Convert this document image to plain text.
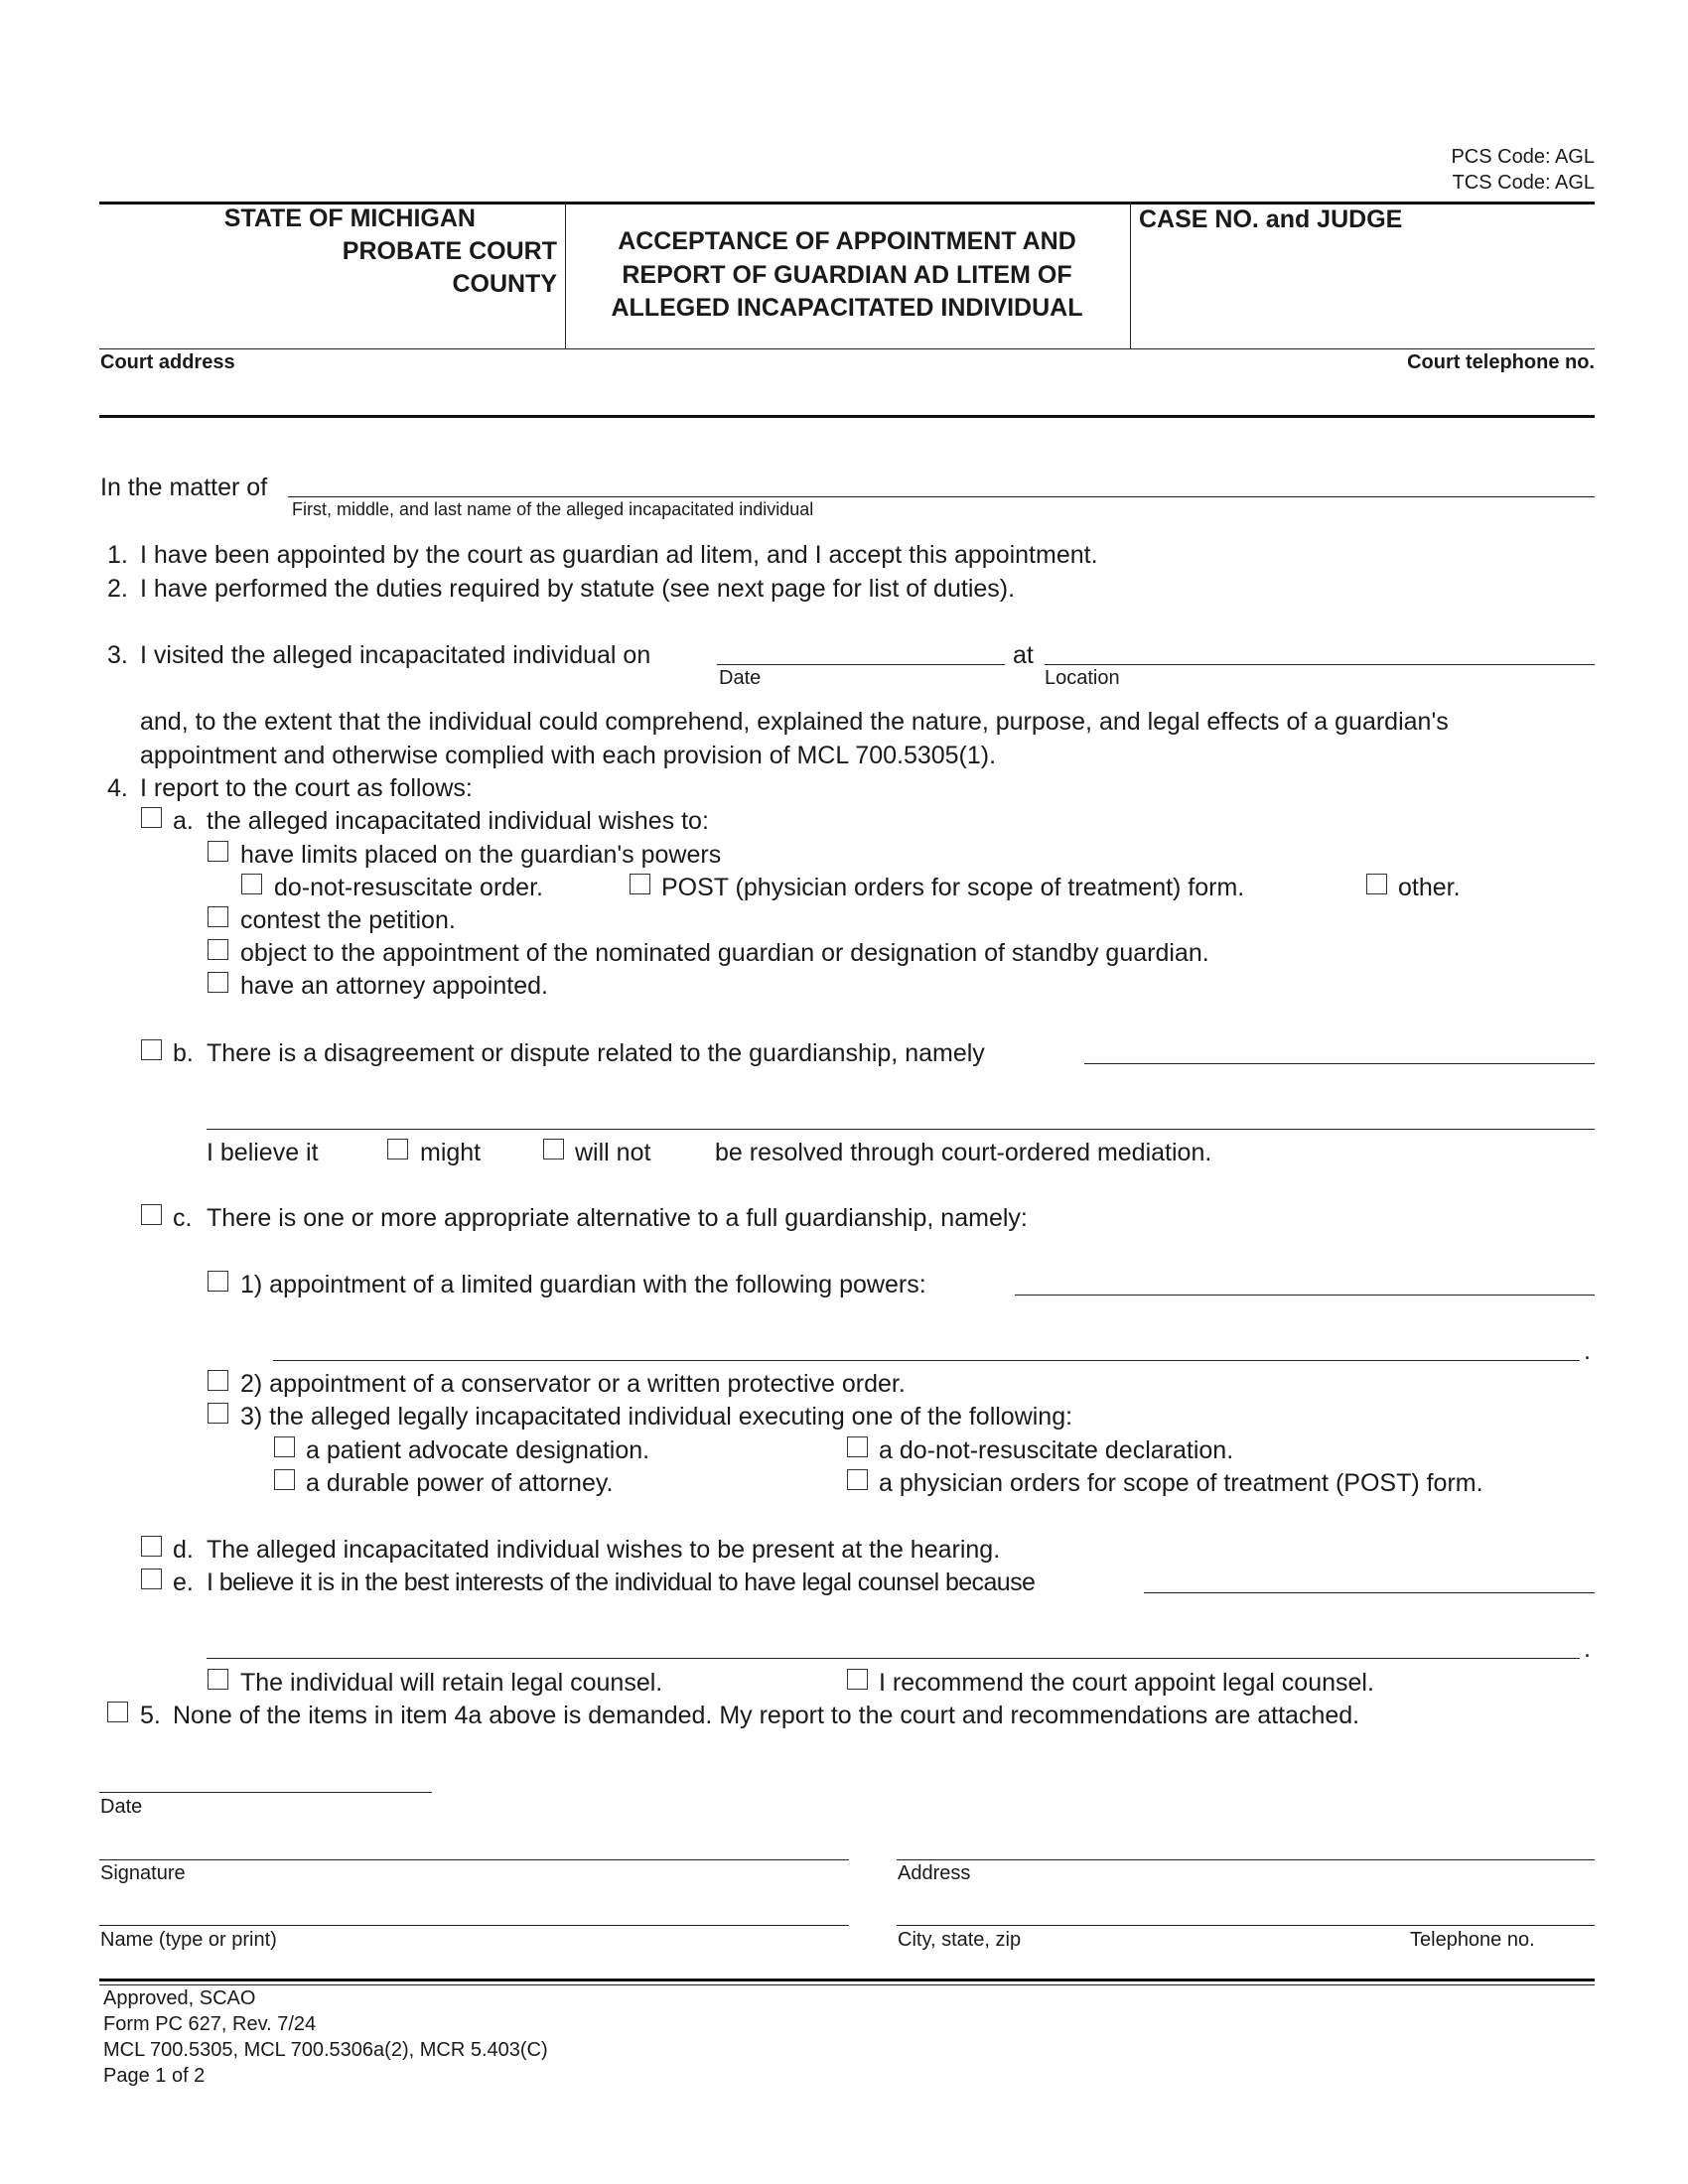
PCS Code: AGL
TCS Code: AGL
STATE OF MICHIGAN
PROBATE COURT
COUNTY
ACCEPTANCE OF APPOINTMENT AND
REPORT OF GUARDIAN AD LITEM OF
ALLEGED INCAPACITATED INDIVIDUAL
CASE NO. and JUDGE
Court address	Court telephone no.
In the matter of
First, middle, and last name of the alleged incapacitated individual
1. I have been appointed by the court as guardian ad litem, and I accept this appointment.
2. I have performed the duties required by statute (see next page for list of duties).
3. I visited the alleged incapacitated individual on	at
Date	Location
and, to the extent that the individual could comprehend, explained the nature, purpose, and legal effects of a guardian's
appointment and otherwise complied with each provision of MCL 700.5305(1).
4. I report to the court as follows:
a. the alleged incapacitated individual wishes to:
have limits placed on the guardian's powers
do-not-resuscitate order.	POST (physician orders for scope of treatment) form.	other.
contest the petition.
object to the appointment of the nominated guardian or designation of standby guardian.
have an attorney appointed.
b. There is a disagreement or dispute related to the guardianship, namely
I believe it	might	will not	be resolved through court-ordered mediation.
c. There is one or more appropriate alternative to a full guardianship, namely:
1) appointment of a limited guardian with the following powers:
.
2) appointment of a conservator or a written protective order.
3) the alleged legally incapacitated individual executing one of the following:
a patient advocate designation.	a do-not-resuscitate declaration.
a durable power of attorney.	a physician orders for scope of treatment (POST) form.
d. The alleged incapacitated individual wishes to be present at the hearing.
e. I believe it is in the best interests of the individual to have legal counsel because
.
The individual will retain legal counsel.	I recommend the court appoint legal counsel.
5. None of the items in item 4a above is demanded. My report to the court and recommendations are attached.
Date
Signature	Address
Name (type or print)	City, state, zip	Telephone no.
Approved, SCAO
Form PC 627, Rev. 7/24
MCL 700.5305, MCL 700.5306a(2), MCR 5.403(C)
Page 1 of 2
